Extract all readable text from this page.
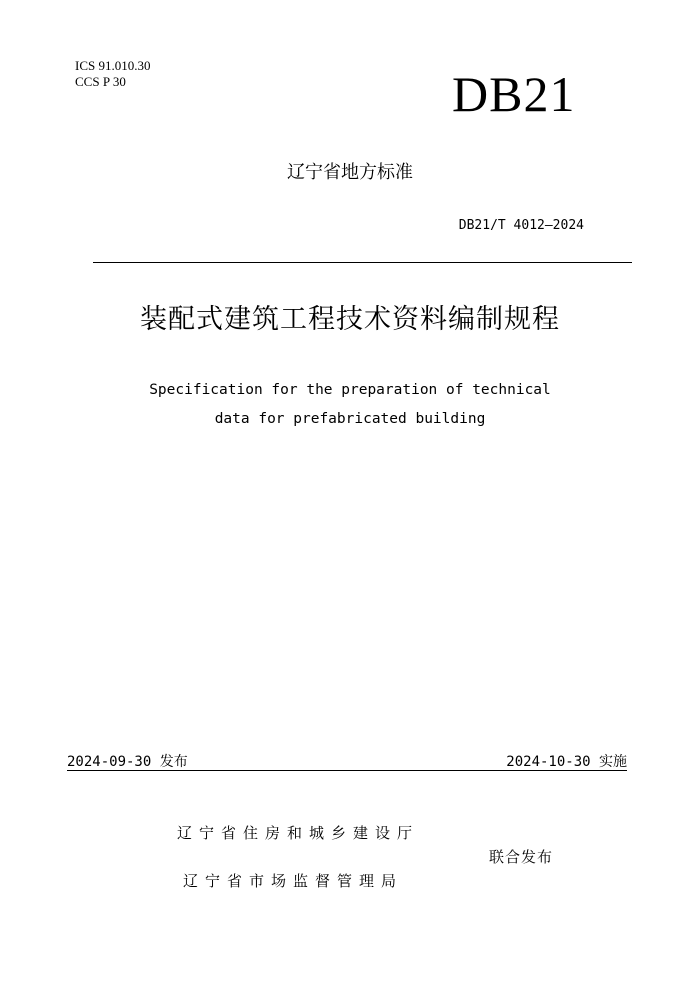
ICS 91.010.30
CCS P 30	DB21
辽宁省地方标准
DB21/T 4012—2024
装配式建筑工程技术资料编制规程
Specification for the preparation of technical
data for prefabricated building
2024-09-30 发布	2024-10-30 实施
辽宁省住房和城乡建设厅
辽宁省市场监督管理局
联合发布
